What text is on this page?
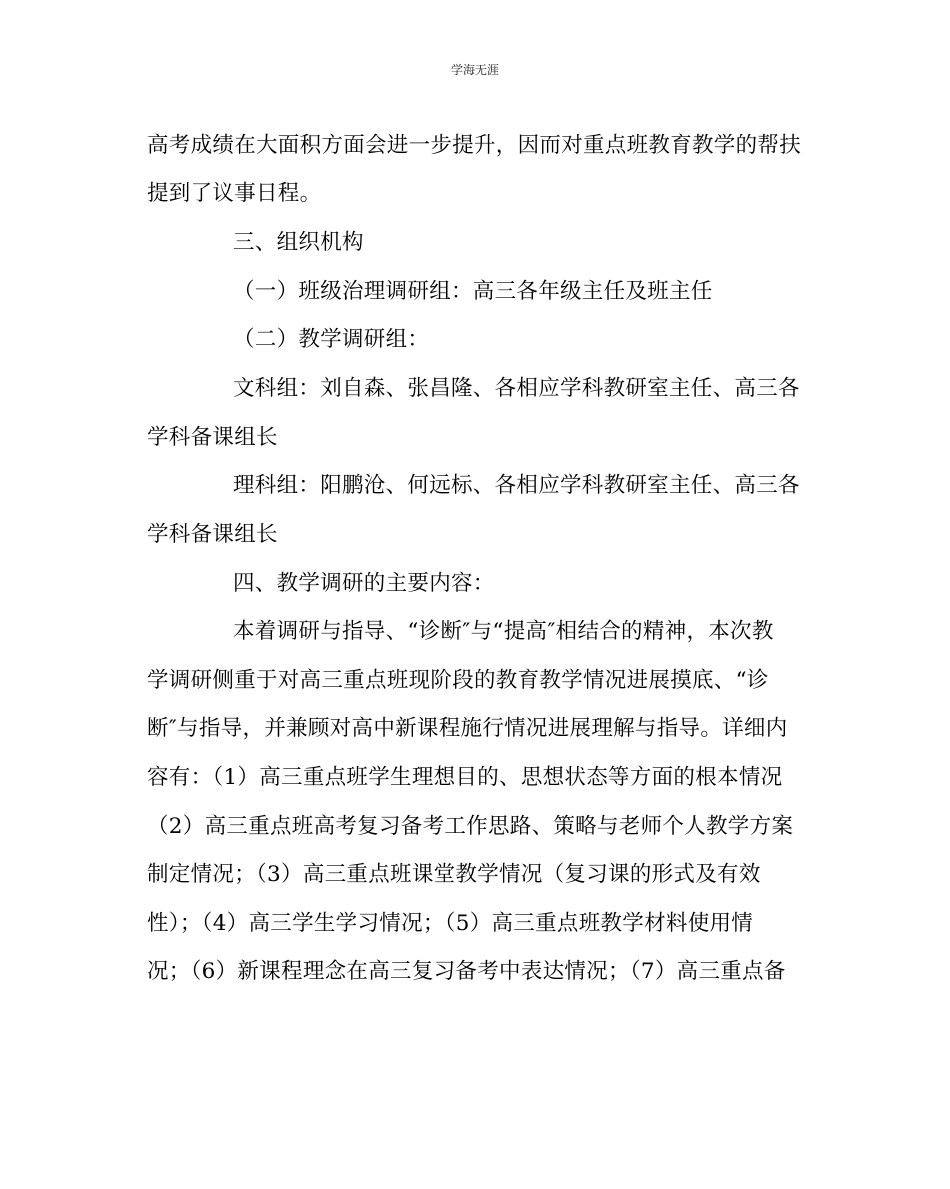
学海无涯
高考成绩在大面积方面会进一步提升，因而对重点班教育教学的帮扶
提到了议事日程。
三、组织机构
（一）班级治理调研组：高三各年级主任及班主任
（二）教学调研组：
文科组：刘自森、张昌隆、各相应学科教研室主任、高三各
学科备课组长
理科组：阳鹏沧、何远标、各相应学科教研室主任、高三各
学科备课组长
四、教学调研的主要内容：
本着调研与指导、“诊断″与“提高″相结合的精神，本次教
学调研侧重于对高三重点班现阶段的教育教学情况进展摸底、“诊
断″与指导，并兼顾对高中新课程施行情况进展理解与指导。详细内
容有：（1）高三重点班学生理想目的、思想状态等方面的根本情况
（2）高三重点班高考复习备考工作思路、策略与老师个人教学方案
制定情况；（3）高三重点班课堂教学情况（复习课的形式及有效
性）；（4）高三学生学习情况；（5）高三重点班教学材料使用情
况；（6）新课程理念在高三复习备考中表达情况；（7）高三重点备
